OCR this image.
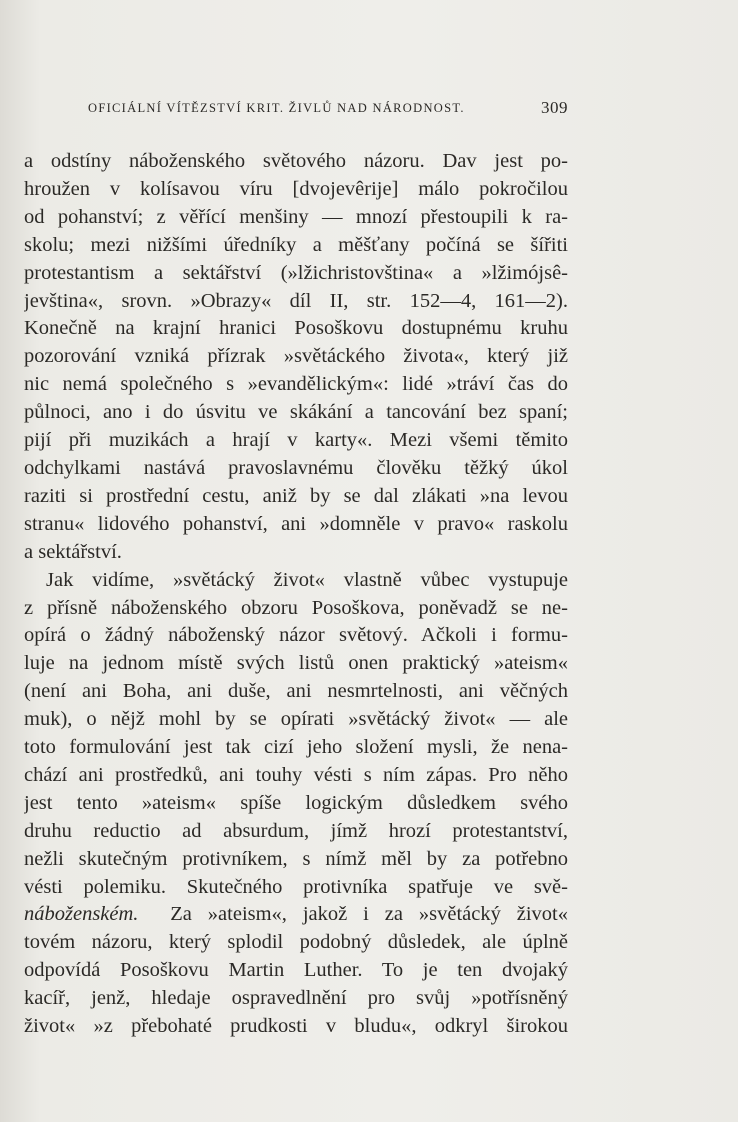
OFICIÁLNÍ VÍTĚZSTVÍ KRIT. ŽIVLŮ NAD NÁRODNOST.	309
a odstíny náboženského světového názoru. Dav jest po-
hroužen v kolísavou víru [dvojevêrije] málo pokročilou
od pohanství; z věřící menšiny — mnozí přestoupili k ra-
skolu; mezi nižšími úředníky a měšťany počíná se šířiti
protestantism a sektářství (»lžichristovština« a »lžimójsê-
jevština«, srovn. »Obrazy« díl II, str. 152—4, 161—2).
Konečně na krajní hranici Posoškovu dostupnému kruhu
pozorování vzniká přízrak »světáckého života«, který již
nic nemá společného s »evandělickým«: lidé »tráví čas do
půlnoci, ano i do úsvitu ve skákání a tancování bez spaní;
pijí při muzikách a hrají v karty«. Mezi všemi těmito
odchylkami nastává pravoslavnému člověku těžký úkol
raziti si prostřední cestu, aniž by se dal zlákati »na levou
stranu« lidového pohanství, ani »domněle v pravo« raskolu
a sektářství.
Jak vidíme, »světácký život« vlastně vůbec vystupuje
z přísně náboženského obzoru Posoškova, poněvadž se ne-
opírá o žádný náboženský názor světový. Ačkoli i formu-
luje na jednom místě svých listů onen praktický »ateism«
(není ani Boha, ani duše, ani nesmrtelnosti, ani věčných
muk), o nějž mohl by se opírati »světácký život« — ale
toto formulování jest tak cizí jeho složení mysli, že nena-
chází ani prostředků, ani touhy vésti s ním zápas. Pro něho
jest tento »ateism« spíše logickým důsledkem svého
druhu reductio ad absurdum, jímž hrozí protestantství,
nežli skutečným protivníkem, s nímž měl by za potřebno
vésti polemiku. Skutečného protivníka spatřuje ve svě-
náboženském. Za »ateism«, jakož i za »světácký život«
tovém názoru, který splodil podobný důsledek, ale úplně
odpovídá Posoškovu Martin Luther. To je ten dvojaký
kacíř, jenž, hledaje ospravedlnění pro svůj »potřísněný
život« »z přebohaté prudkosti v bludu«, odkryl širokou
